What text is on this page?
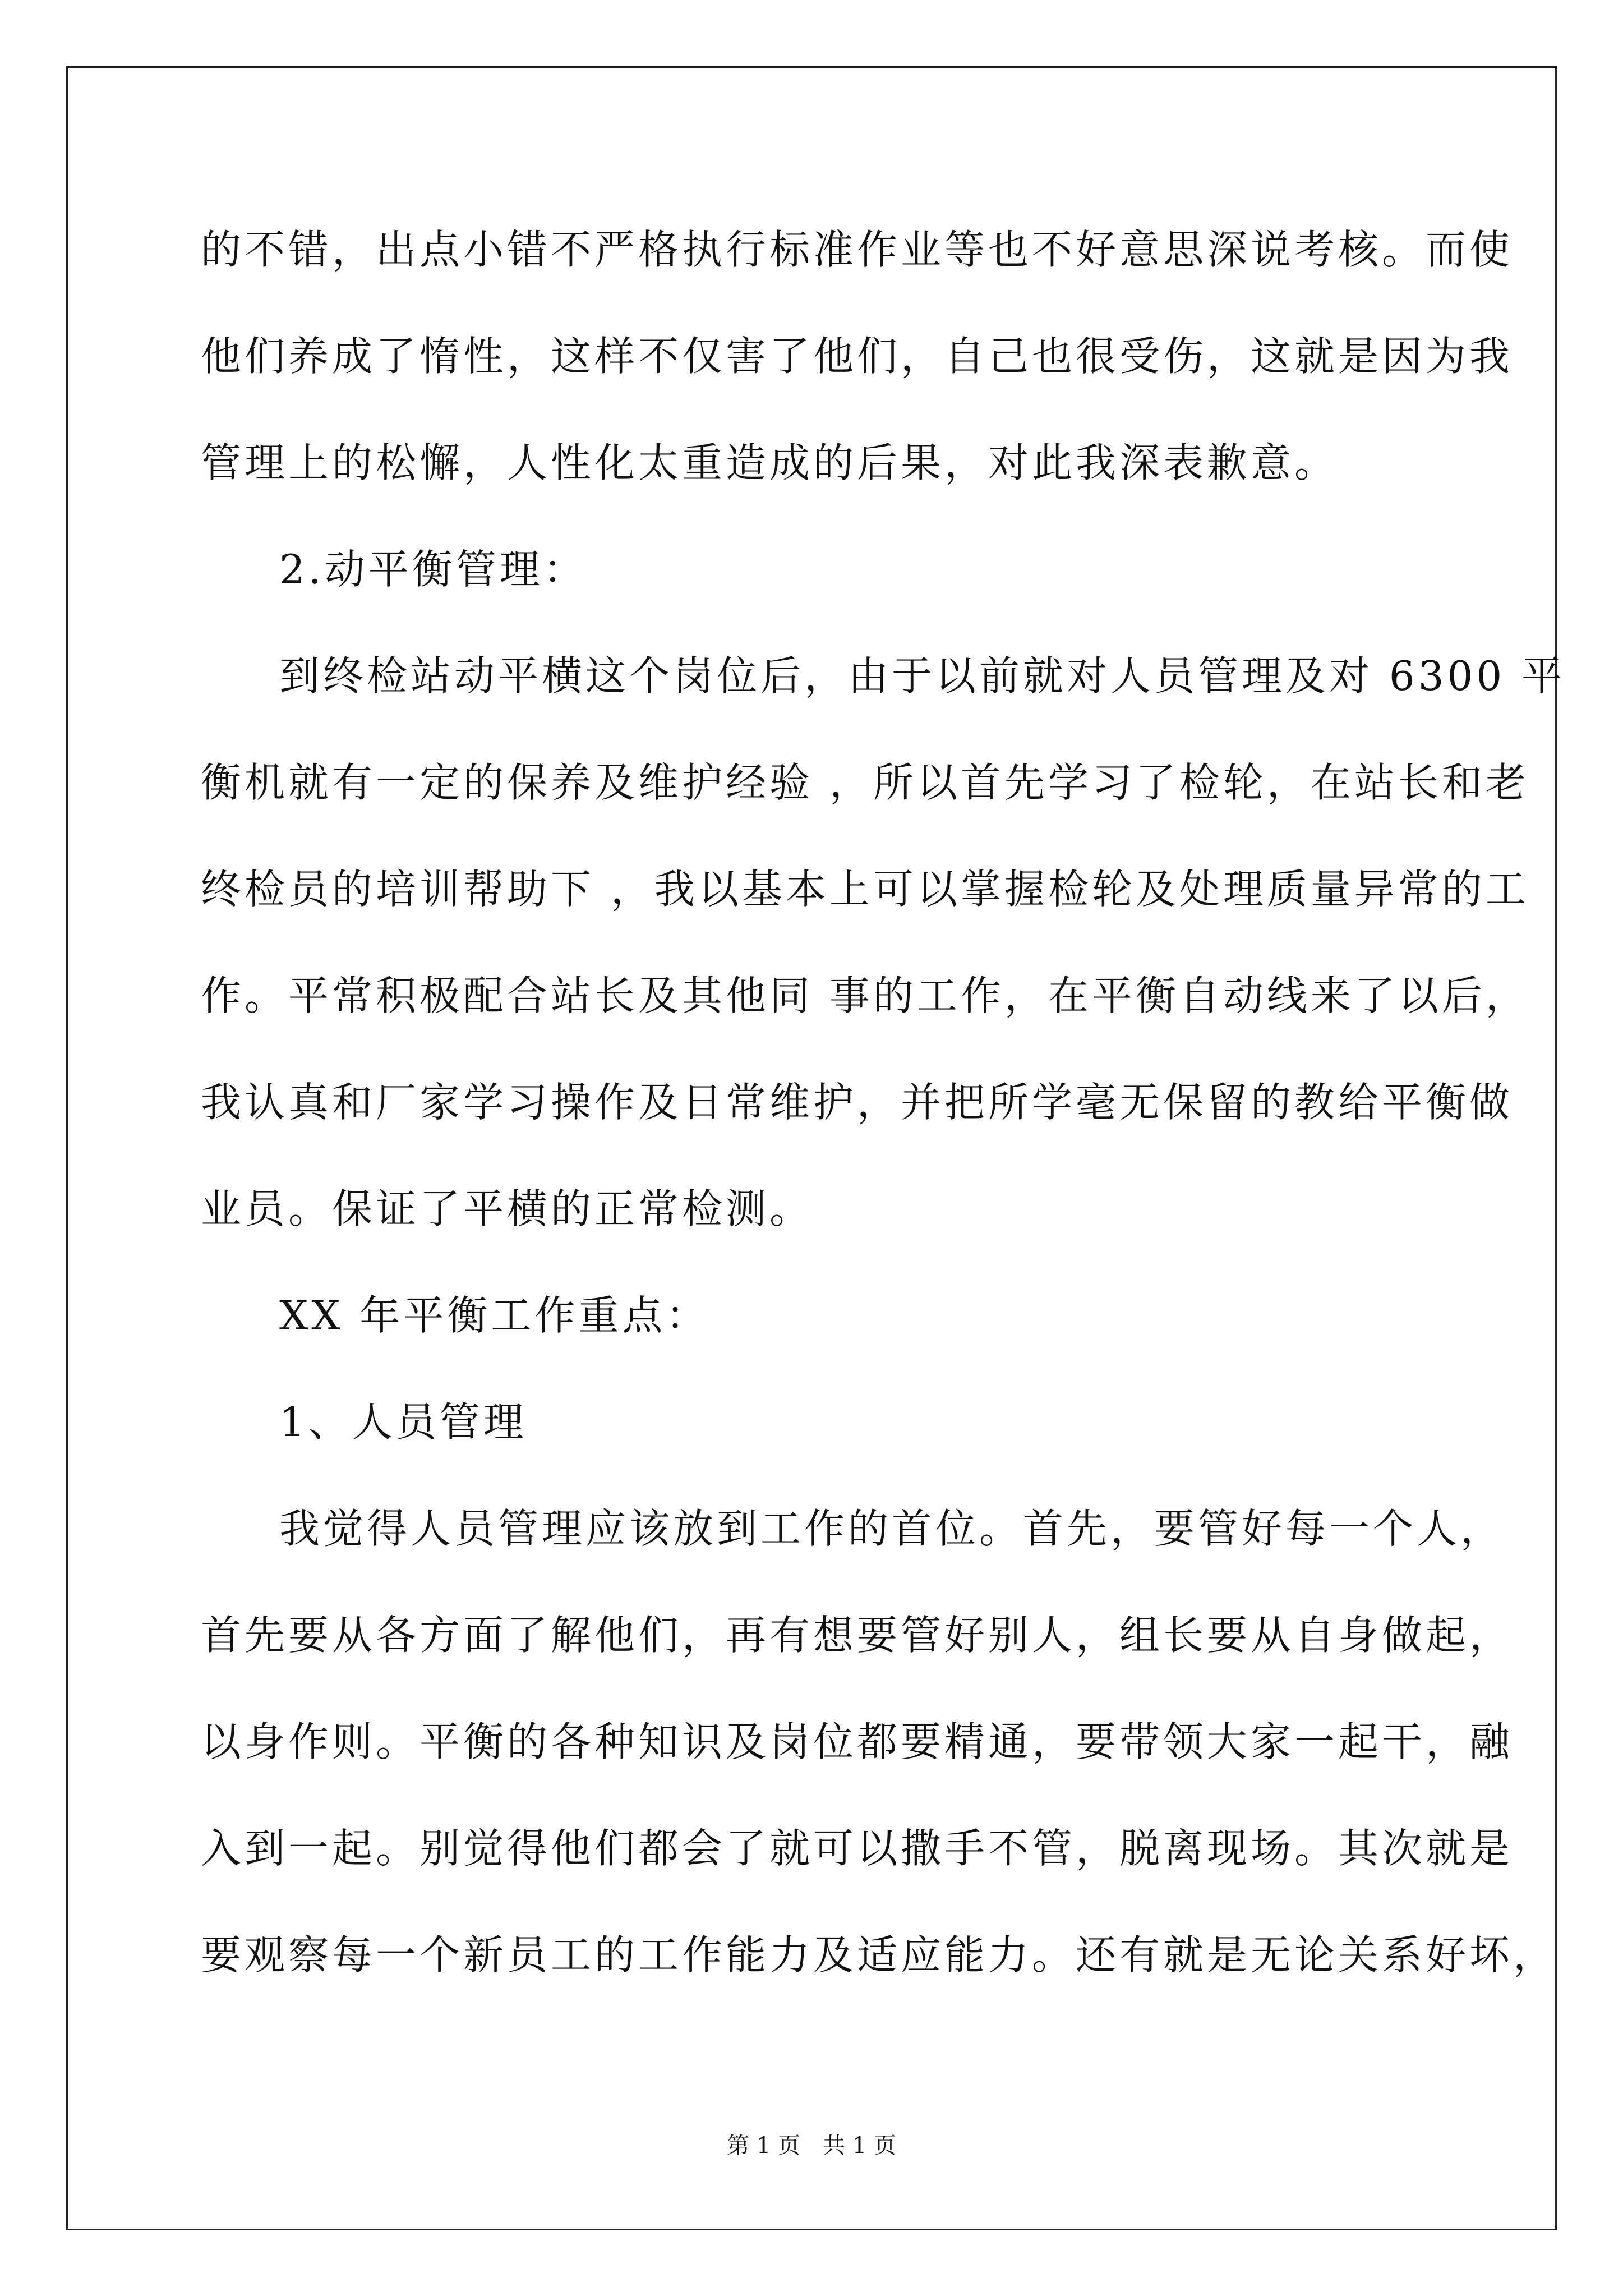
的不错，出点小错不严格执行标准作业等也不好意思深说考核。而使
他们养成了惰性，这样不仅害了他们，自己也很受伤，这就是因为我
管理上的松懈，人性化太重造成的后果，对此我深表歉意。
2.动平衡管理：
到终检站动平横这个岗位后，由于以前就对人员管理及对 6300 平
衡机就有一定的保养及维护经验 ，所以首先学习了检轮，在站长和老
终检员的培训帮助下 ，我以基本上可以掌握检轮及处理质量异常的工
作。平常积极配合站长及其他同 事的工作，在平衡自动线来了以后，
我认真和厂家学习操作及日常维护，并把所学毫无保留的教给平衡做
业员。保证了平横的正常检测。
XX 年平衡工作重点：
1、人员管理
我觉得人员管理应该放到工作的首位。首先，要管好每一个人，
首先要从各方面了解他们，再有想要管好别人，组长要从自身做起，
以身作则。平衡的各种知识及岗位都要精通，要带领大家一起干，融
入到一起。别觉得他们都会了就可以撒手不管，脱离现场。其次就是
要观察每一个新员工的工作能力及适应能力。还有就是无论关系好坏，
第 1 页　共 1 页
